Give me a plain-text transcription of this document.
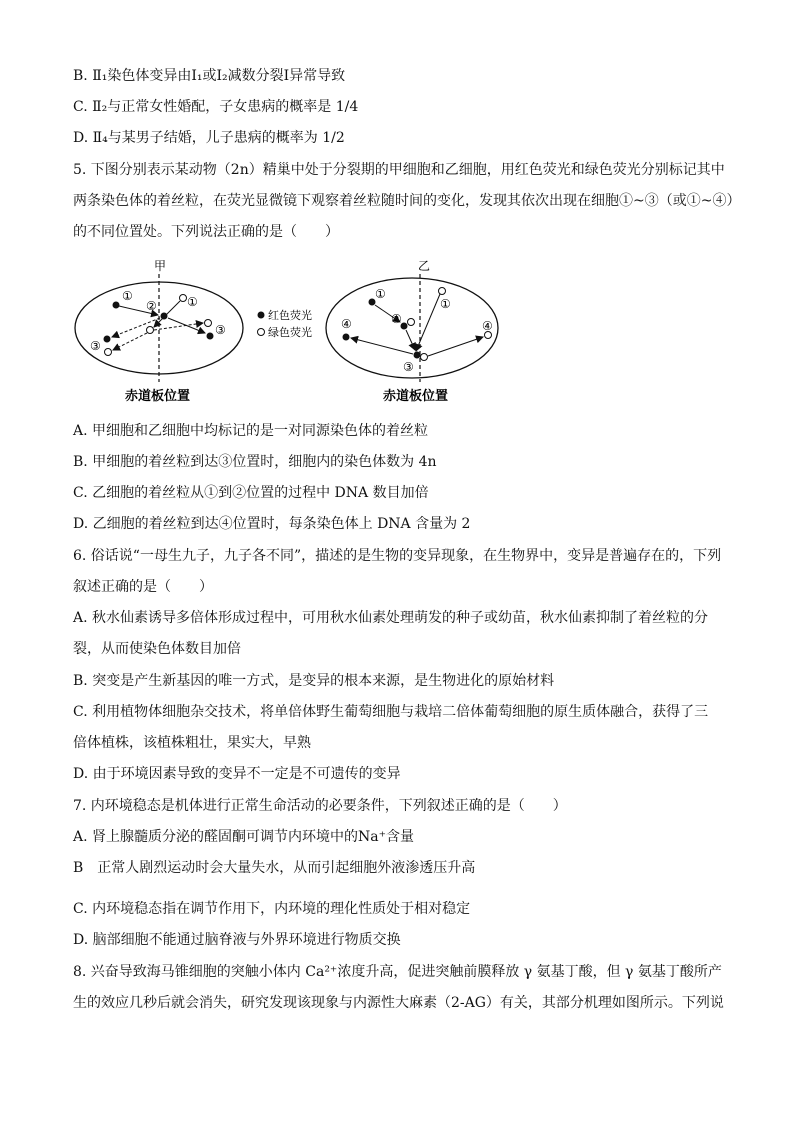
B. Ⅱ₁染色体变异由Ⅰ₁或Ⅰ₂减数分裂Ⅰ异常导致
C. Ⅱ₂与正常女性婚配，子女患病的概率是 1/4
D. Ⅱ₄与某男子结婚，儿子患病的概率为 1/2
5. 下图分别表示某动物（2n）精巢中处于分裂期的甲细胞和乙细胞，用红色荧光和绿色荧光分别标记其中
两条染色体的着丝粒，在荧光显微镜下观察着丝粒随时间的变化，发现其依次出现在细胞①~③（或①~④）
的不同位置处。下列说法正确的是（　　）
A. 甲细胞和乙细胞中均标记的是一对同源染色体的着丝粒
B. 甲细胞的着丝粒到达③位置时，细胞内的染色体数为 4n
C. 乙细胞的着丝粒从①到②位置的过程中 DNA 数目加倍
D. 乙细胞的着丝粒到达④位置时，每条染色体上 DNA 含量为 2
6. 俗话说“一母生九子，九子各不同”，描述的是生物的变异现象，在生物界中，变异是普遍存在的，下列
叙述正确的是（　　）
A. 秋水仙素诱导多倍体形成过程中，可用秋水仙素处理萌发的种子或幼苗，秋水仙素抑制了着丝粒的分
裂，从而使染色体数目加倍
B. 突变是产生新基因的唯一方式，是变异的根本来源，是生物进化的原始材料
C. 利用植物体细胞杂交技术，将单倍体野生葡萄细胞与栽培二倍体葡萄细胞的原生质体融合，获得了三
倍体植株，该植株粗壮，果实大，早熟
D. 由于环境因素导致的变异不一定是不可遗传的变异
7. 内环境稳态是机体进行正常生命活动的必要条件，下列叙述正确的是（　　）
A. 肾上腺髓质分泌的醛固酮可调节内环境中的Na⁺含量
B　正常人剧烈运动时会大量失水，从而引起细胞外液渗透压升高
C. 内环境稳态指在调节作用下，内环境的理化性质处于相对稳定
D. 脑部细胞不能通过脑脊液与外界环境进行物质交换
8. 兴奋导致海马锥细胞的突触小体内 Ca²⁺浓度升高，促进突触前膜释放 γ 氨基丁酸，但 γ 氨基丁酸所产
生的效应几秒后就会消失，研究发现该现象与内源性大麻素（2-AG）有关，其部分机理如图所示。下列说
甲
①
②	①
③
③
赤道板位置
红色荧光
绿色荧光
乙
①
①
②
④	④
③
赤道板位置
